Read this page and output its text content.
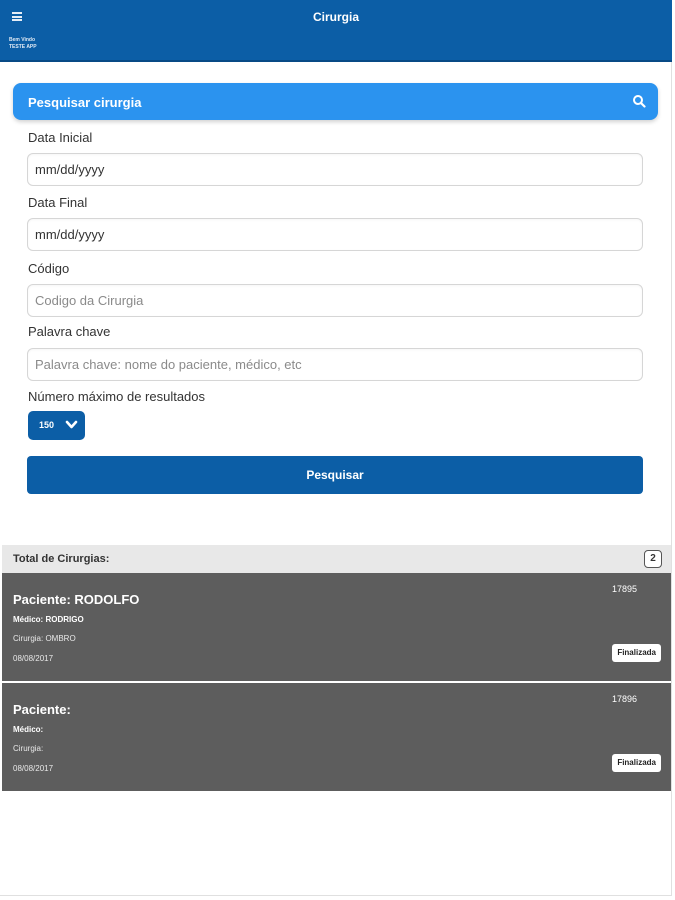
Cirurgia
Bem Vindo
TESTE APP
Pesquisar cirurgia
Data Inicial
mm/dd/yyyy
Data Final
mm/dd/yyyy
Código
Codigo da Cirurgia
Palavra chave
Palavra chave: nome do paciente, médico, etc
Número máximo de resultados
150
Pesquisar
Total de Cirurgias:	2
17895
Paciente: RODOLFO
Médico: RODRIGO
Cirurgia: OMBRO
08/08/2017
Finalizada
17896
Paciente:
Médico:
Cirurgia:
08/08/2017
Finalizada
